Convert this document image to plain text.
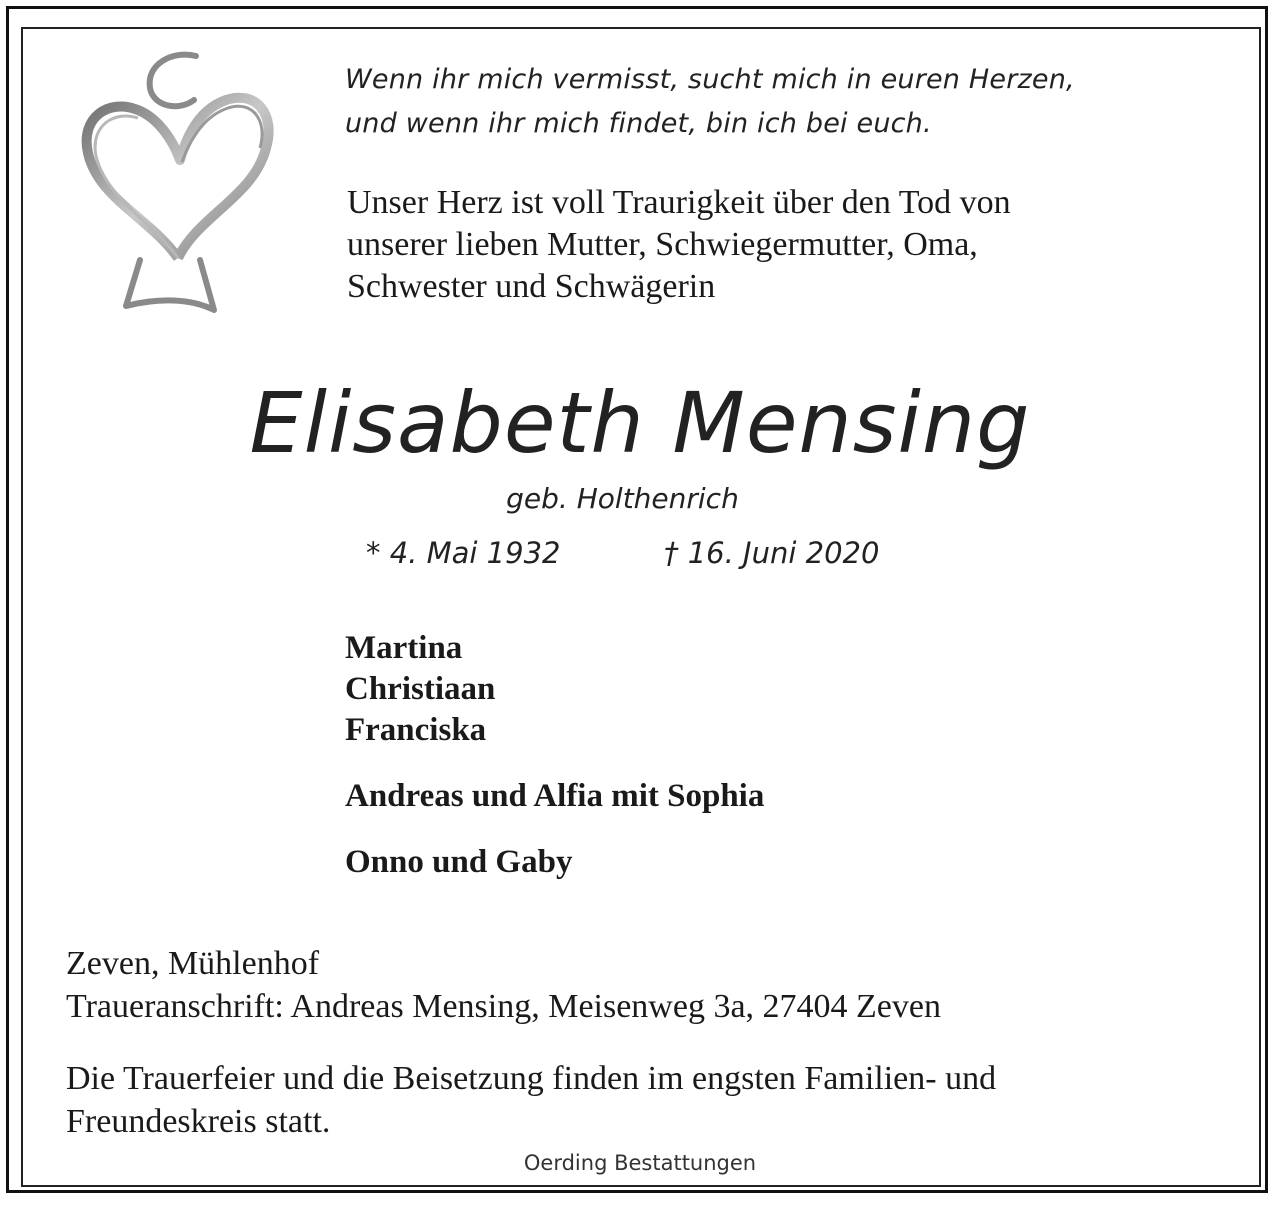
Wenn ihr mich vermisst, sucht mich in euren Herzen,
und wenn ihr mich findet, bin ich bei euch.
Unser Herz ist voll Traurigkeit über den Tod von
unserer lieben Mutter, Schwiegermutter, Oma,
Schwester und Schwägerin
Elisabeth Mensing
geb. Holthenrich
* 4. Mai 1932	† 16. Juni 2020
Martina
Christiaan
Franciska
Andreas und Alfia mit Sophia
Onno und Gaby
Zeven, Mühlenhof
Traueranschrift: Andreas Mensing, Meisenweg 3a, 27404 Zeven
Die Trauerfeier und die Beisetzung finden im engsten Familien- und
Freundeskreis statt.
Oerding Bestattungen
